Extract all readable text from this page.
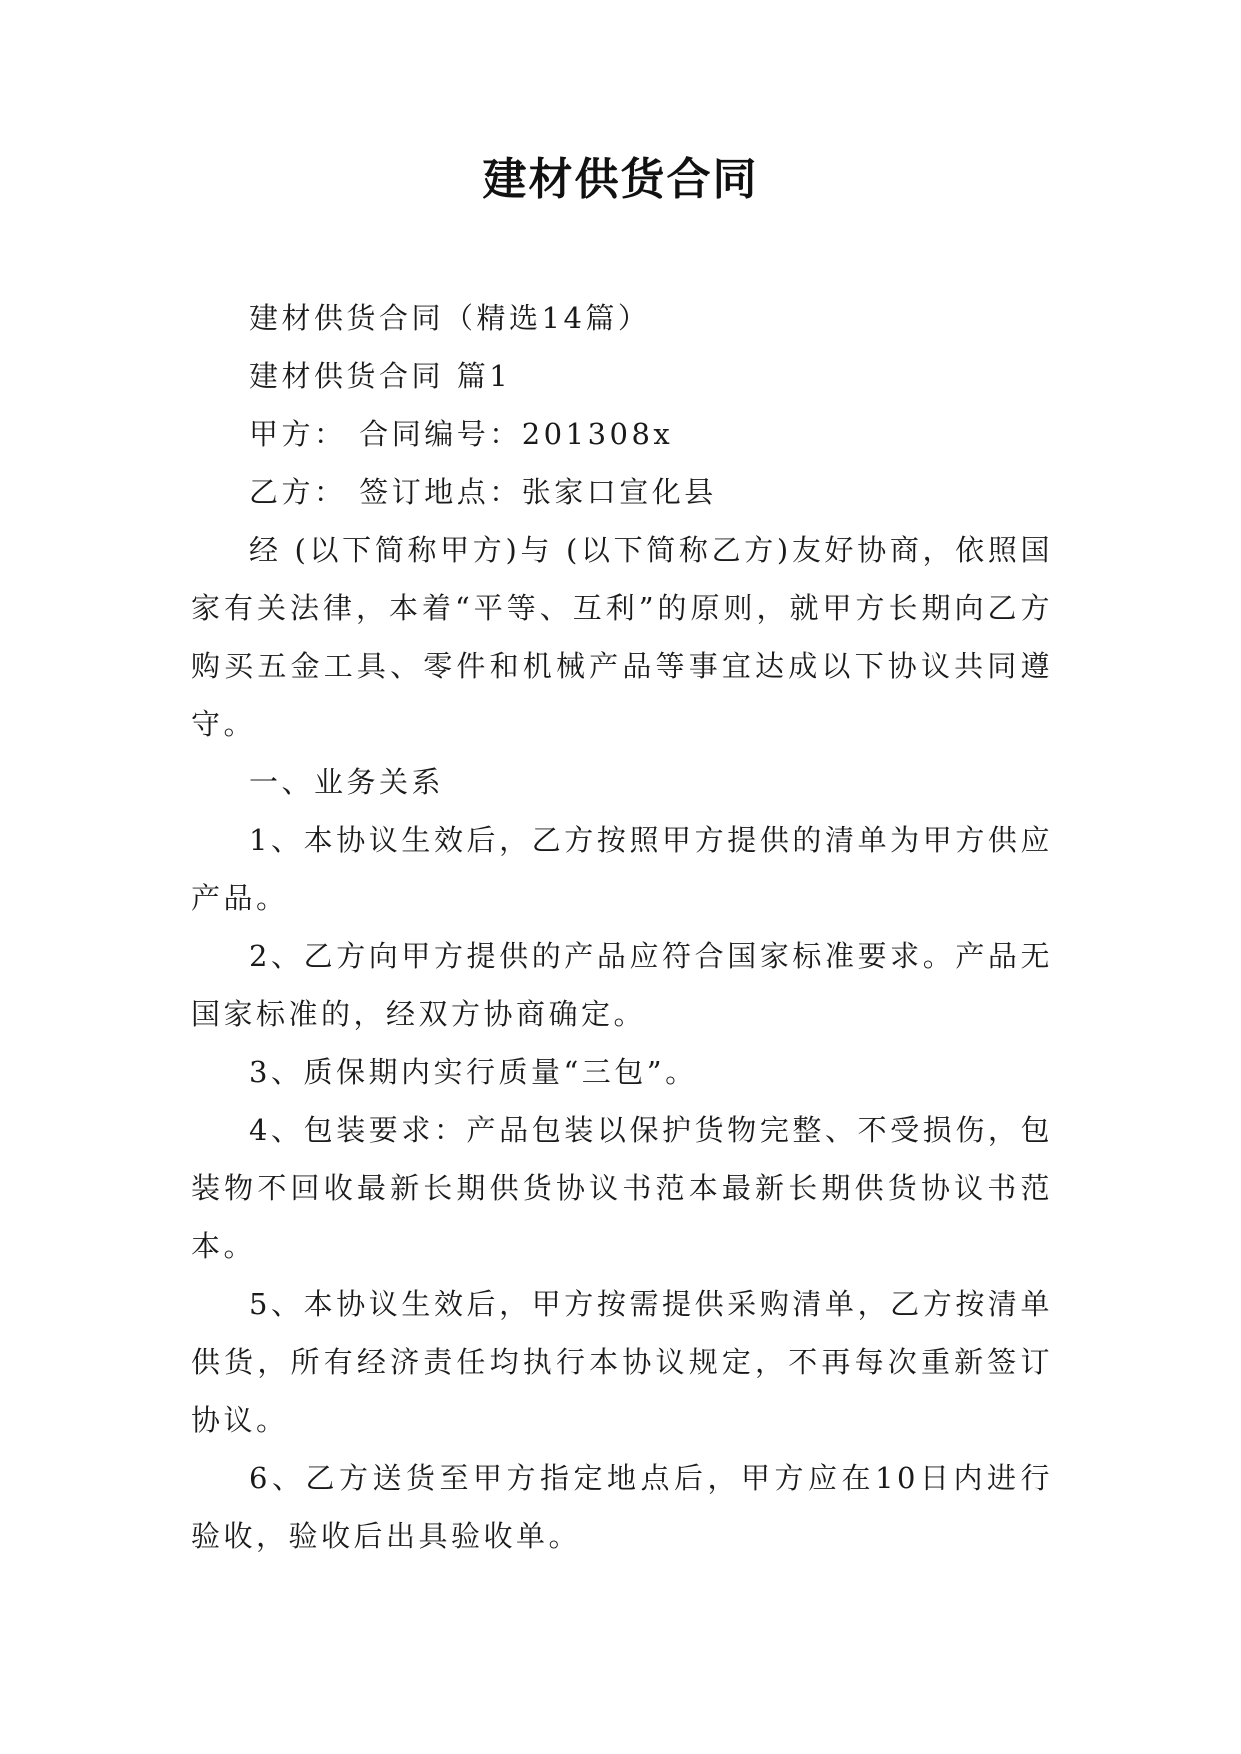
建材供货合同

建材供货合同（精选14篇）

建材供货合同 篇1

甲方： 合同编号：201308x

乙方： 签订地点：张家口宣化县

经 (以下简称甲方)与 (以下简称乙方)友好协商，依照国家有关法律，本着“平等、互利”的原则，就甲方长期向乙方购买五金工具、零件和机械产品等事宜达成以下协议共同遵守。

一、业务关系

1、本协议生效后，乙方按照甲方提供的清单为甲方供应产品。

2、乙方向甲方提供的产品应符合国家标准要求。产品无国家标准的，经双方协商确定。

3、质保期内实行质量“三包”。

4、包装要求：产品包装以保护货物完整、不受损伤，包装物不回收最新长期供货协议书范本最新长期供货协议书范本。

5、本协议生效后，甲方按需提供采购清单，乙方按清单供货，所有经济责任均执行本协议规定，不再每次重新签订协议。

6、乙方送货至甲方指定地点后，甲方应在10日内进行验收，验收后出具验收单。
